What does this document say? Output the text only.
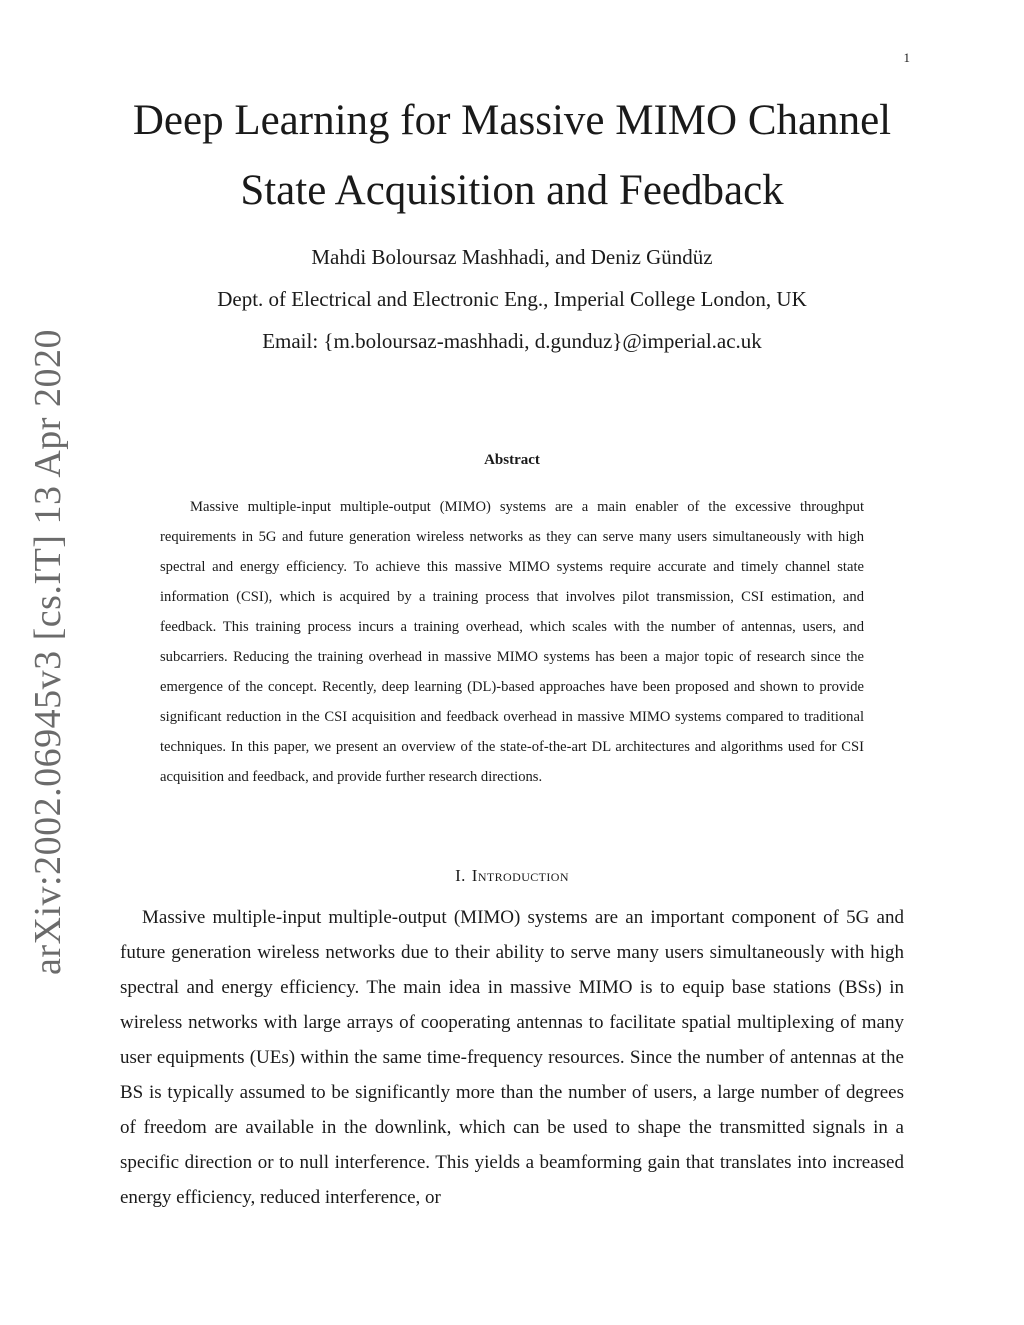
1
arXiv:2002.06945v3 [cs.IT] 13 Apr 2020
Deep Learning for Massive MIMO Channel State Acquisition and Feedback
Mahdi Boloursaz Mashhadi, and Deniz Gündüz
Dept. of Electrical and Electronic Eng., Imperial College London, UK
Email: {m.boloursaz-mashhadi, d.gunduz}@imperial.ac.uk
Abstract

Massive multiple-input multiple-output (MIMO) systems are a main enabler of the excessive throughput requirements in 5G and future generation wireless networks as they can serve many users simultaneously with high spectral and energy efficiency. To achieve this massive MIMO systems require accurate and timely channel state information (CSI), which is acquired by a training process that involves pilot transmission, CSI estimation, and feedback. This training process incurs a training overhead, which scales with the number of antennas, users, and subcarriers. Reducing the training overhead in massive MIMO systems has been a major topic of research since the emergence of the concept. Recently, deep learning (DL)-based approaches have been proposed and shown to provide significant reduction in the CSI acquisition and feedback overhead in massive MIMO systems compared to traditional techniques. In this paper, we present an overview of the state-of-the-art DL architectures and algorithms used for CSI acquisition and feedback, and provide further research directions.

I. Introduction

Massive multiple-input multiple-output (MIMO) systems are an important component of 5G and future generation wireless networks due to their ability to serve many users simultaneously with high spectral and energy efficiency. The main idea in massive MIMO is to equip base stations (BSs) in wireless networks with large arrays of cooperating antennas to facilitate spatial multiplexing of many user equipments (UEs) within the same time-frequency resources. Since the number of antennas at the BS is typically assumed to be significantly more than the number of users, a large number of degrees of freedom are available in the downlink, which can be used to shape the transmitted signals in a specific direction or to null interference. This yields a beamforming gain that translates into increased energy efficiency, reduced interference, or
